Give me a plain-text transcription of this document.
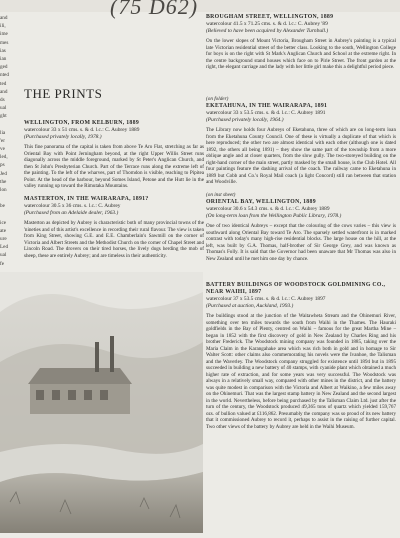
(75 D62)
and
ili,
ime
mes
ias
ian
ged
nted
ted
and
ds
ual
ght
lia
'er
ve
led,
ps
Jed
the
lon
be
ice
ate
ure
Led
ual
fe
THE PRINTS
WELLINGTON, FROM KELBURN, 1889
watercolour 33 x 51 cms. s. & d. l.c.: C. Aubrey 1889
(Purchased privately locally, 1978.)
This fine panorama of the capital is taken from above Te Aro Flat, stretching as far as Oriental Bay with Point Jerningham beyond, at the right Upper Willis Street runs diagonally across the middle foreground, marked by St Peter's Anglican Church, and then St John's Presbyterian Church. Part of the Terrace runs along the extreme left of the painting. To the left of the wharves, part of Thorndon is visible, reaching to Pipitea Point. At the head of the harbour, beyond Somes Island, Petone and the Hutt lie in the valley running up toward the Rimutaka Mountains.
MASTERTON, IN THE WAIRARAPA, 1891?
watercolour 30.5 x 36 cms. s. l.c.: C. Aubrey
(Purchased from an Adelaide dealer, 1963.)
Masterton as depicted by Aubrey is characteristic both of many provincial towns of the 'nineties and of this artist's excellence in recording their rural flavour. The view is taken from King Street, showing G.E. and E.E. Chamberlain's Sawmill on the corner of Victoria and Albert Streets and the Methodist Church on the corner of Chapel Street and Lincoln Road. The drovers on their tired horses, the lively dogs herding the mob of sheep, these are entirely Aubrey; and are timeless in their authenticity.
BROUGHAM STREET, WELLINGTON, 1889
watercolour 41.5 x 71.25 cms. s. & d. l.c.: C. Aubrey '89
(Believed to have been acquired by Alexander Turnbull.)
On the lower slopes of Mount Victoria, Brougham Street in Aubrey's painting is a typical late Victorian residential street of the better class. Looking to the south, Wellington College for boys is on the right with St Mark's Anglican Church and School at the extreme right. In the centre background stand houses which face on to Pirie Street. The front garden at the right, the elegant carriage and the lady with her little girl make this a delightful period piece.
(on folder)
EKETAHUNA, IN THE WAIRARAPA, 1891
watercolour 33 x 53.5 cms. s. & d. l.c.: C. Aubrey 1891
(Purchased privately locally, 1964.)
The Library now holds four Aubreys of Eketahuna, three of which are on long-term loan from the Eketahuna County Council. One of these is virtually a duplicate of that which is here reproduced; the other two are almost identical with each other (although one is dated 1892, the others all being 1891) – they show the same part of the township from a more oblique angle and at closer quarters, from the slow gully. The two-storeyed building on the right-hand corner of the main street, partly masked by the small house, is the Club Hotel. All four paintings feature the dashing arrival of the coach. The railway came to Eketahuna in 1889 but Cobb and Co.'s Royal Mail coach (a light Concord) still ran between that station and Woodville.
(on inst sheet)
ORIENTAL BAY, WELLINGTON, 1889
watercolour 30.6 x 54.3 cms. s. & d. l.c.: C. Aubrey 1889
(On long-term loan from the Wellington Public Library, 1978.)
One of two identical Aubreys – except that the colouring of the cows varies – this view is southward along Oriental Bay toward Te Aro. The sparsely settled waterfront is in marked contrast with today's many high-rise residential blocks. The large house on the hill, at the left, was built by G.A. Thomas, half-brother of Sir George Grey, and was known as Thomas's Folly. It is said that the Governor had been unaware that Mr Thomas was also in New Zealand until he met him one day by chance.
BATTERY BUILDINGS OF WOODSTOCK GOLDMINING CO., NEAR WAIHI, 1897
watercolour 37 x 53.5 cms. s. & d. l.c.: C. Aubrey 1897
(Purchased at auction, Auckland, 1993.)
The buildings stood at the junction of the Waitawheta Stream and the Ohinemuri River, something over ten miles towards the south from Waihi in the Thames. The Hauraki goldfields in the Bay of Plenty, centred on Waihi – famous for the great Martha Mine – began in 1852 with the first discovery of gold in New Zealand by Charles Ring and his brother Frederick. The Woodstock mining company was founded in 1885, taking over the Maria Claim in the Karangahake area which was rich both in gold and in homage to Sir Walter Scott: other claims also commemorating his novels were the Ivanhoe, the Talisman and the Waverley. The Woodstock company struggled for existence until 1894 but in 1895 succeeded in building a new battery of 40 stamps, with cyanide plant which obtained a much higher rate of extraction, and for some years was very successful. The Woodstock was always in a relatively small way, compared with other mines in the district, and the battery was quite modest in comparison with the Victoria and Albert at Waikino, a few miles away on the Ohinemuri. That was the largest stamp battery in New Zealand and the second largest in the world. Nevertheless, before being purchased by the Talisman Claim Ltd. just after the turn of the century, the Woodstock produced 49,365 tons of quartz which yielded 159,767 ozs. of bullion valued at £116,862. Presumably the company was so proud of its new battery that it commissioned Aubrey to record it, perhaps to assist in the raising of further capital. Two other views of the battery by Aubrey are held in the Waihi Museum.
